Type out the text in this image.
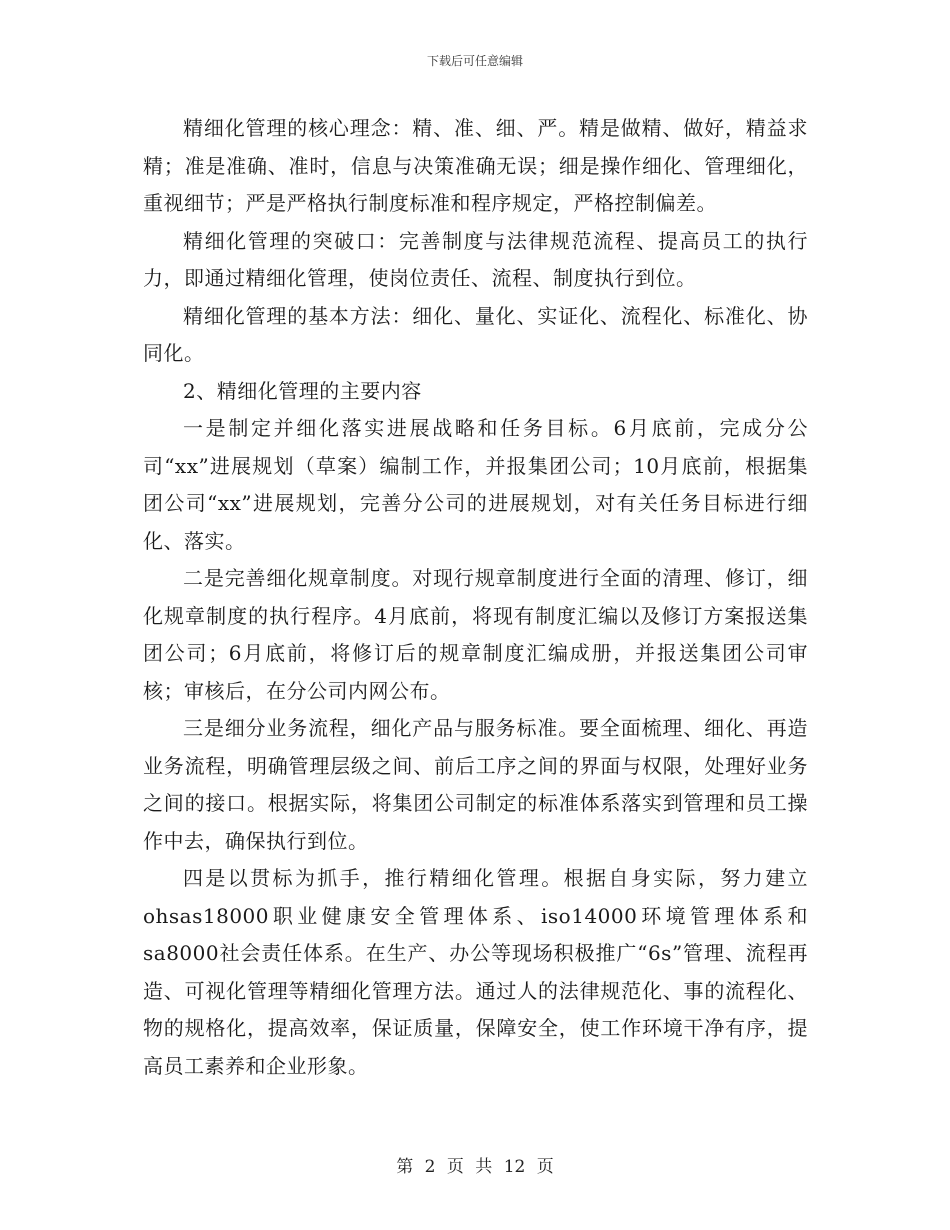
下载后可任意编辑

精细化管理的核心理念：精、准、细、严。精是做精、做好，精益求精；准是准确、准时，信息与决策准确无误；细是操作细化、管理细化，重视细节；严是严格执行制度标准和程序规定，严格控制偏差。

精细化管理的突破口：完善制度与法律规范流程、提高员工的执行力，即通过精细化管理，使岗位责任、流程、制度执行到位。

精细化管理的基本方法：细化、量化、实证化、流程化、标准化、协同化。

2、精细化管理的主要内容

一是制定并细化落实进展战略和任务目标。6月底前，完成分公司“xx”进展规划（草案）编制工作，并报集团公司；10月底前，根据集团公司“xx”进展规划，完善分公司的进展规划，对有关任务目标进行细化、落实。

二是完善细化规章制度。对现行规章制度进行全面的清理、修订，细化规章制度的执行程序。4月底前，将现有制度汇编以及修订方案报送集团公司；6月底前，将修订后的规章制度汇编成册，并报送集团公司审核；审核后，在分公司内网公布。

三是细分业务流程，细化产品与服务标准。要全面梳理、细化、再造业务流程，明确管理层级之间、前后工序之间的界面与权限，处理好业务之间的接口。根据实际，将集团公司制定的标准体系落实到管理和员工操作中去，确保执行到位。

四是以贯标为抓手，推行精细化管理。根据自身实际，努力建立ohsas18000职业健康安全管理体系、iso14000环境管理体系和sa8000社会责任体系。在生产、办公等现场积极推广“6s”管理、流程再造、可视化管理等精细化管理方法。通过人的法律规范化、事的流程化、物的规格化，提高效率，保证质量，保障安全，使工作环境干净有序，提高员工素养和企业形象。

第 2 页 共 12 页
